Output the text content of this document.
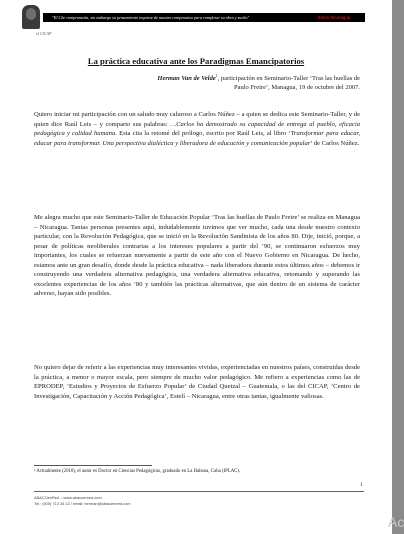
"El Che comprometía, sin embargo su pensamiento requiere de nuestro compromiso para completar su obra y sueño"	Estelí Nicaragua
el CICAP
La práctica educativa ante los Paradigmas Emancipatorios
Herman Van de Velde$^1$, participación en Seminario-Taller ‘Tras las huellas de Paulo Freire’, Managua, 19 de octubre del 2007.
Quiero iniciar mi participación con un saludo muy caluroso a Carlos Núñez – a quien se dedica este Seminario-Taller, y de quien dice Raúl Leis – y comparto sus palabras: …Carlos ha demostrado su capacidad de entrega al pueblo, eficacia pedagógica y calidad humana. Esta cita la retomé del prólogo, escrito por Raúl Leis, al libro ‘Transformar para educar, educar para transformar. Una perspectiva dialéctica y liberadora de educación y comunicación popular’ de Carlos Núñez.
Me alegra mucho que este Seminario-Taller de Educación Popular ‘Tras las huellas de Paulo Freire’ se realiza en Managua – Nicaragua. Tantas personas presentes aquí, indudablemente tuvimos que ver mucho, cada una desde nuestro contexto particular, con la Revolución Pedagógica, que se inició en la Revolución Sandinista de los años 80. Dije, inició, porque, a pesar de políticas neoliberales contrarias a los intereses populares a partir del ’90, se continuaron esfuerzos muy importantes, los cuales se refuerzan nuevamente a partir de este año con el Nuevo Gobierno en Nicaragua. De hecho, estamos ante un gran desafío, donde desde la práctica educativa – nada liberadora durante estos últimos años – debemos ir construyendo una verdadera alternativa pedagógica, una verdadera alternativa educativa, retomando y superando las excelentes experiencias de los años ’80 y también las prácticas alternativas, que aún dentro de un sistema de carácter adverso, hayan sido posibles.
No quiero dejar de referir a las experiencias muy interesantes vividas, experienciadas en nuestros países, construidas desde la práctica, a menor o mayor escala, pero siempre de mucho valor pedagógico. Me refiero a experiencias como las de EPRODEP, ‘Estudios y Proyectos de Esfuerzo Popular’ de Ciudad Quetzal – Guatemala, o las del CICAP, ‘Centro de Investigación, Capacitación y Acción Pedagógica’, Estelí – Nicaragua, entre otras tantas, igualmente valiosas.
¹ Actualmente (2010), el autor es Doctor en Ciencias Pedagógicas, graduado en La Habana, Cuba (IPLAC).
1
ABACOenRed – www.abacoenred.com
Tel.: (505) 713 34 13 / email: herman@abacoenred.com
Ac
